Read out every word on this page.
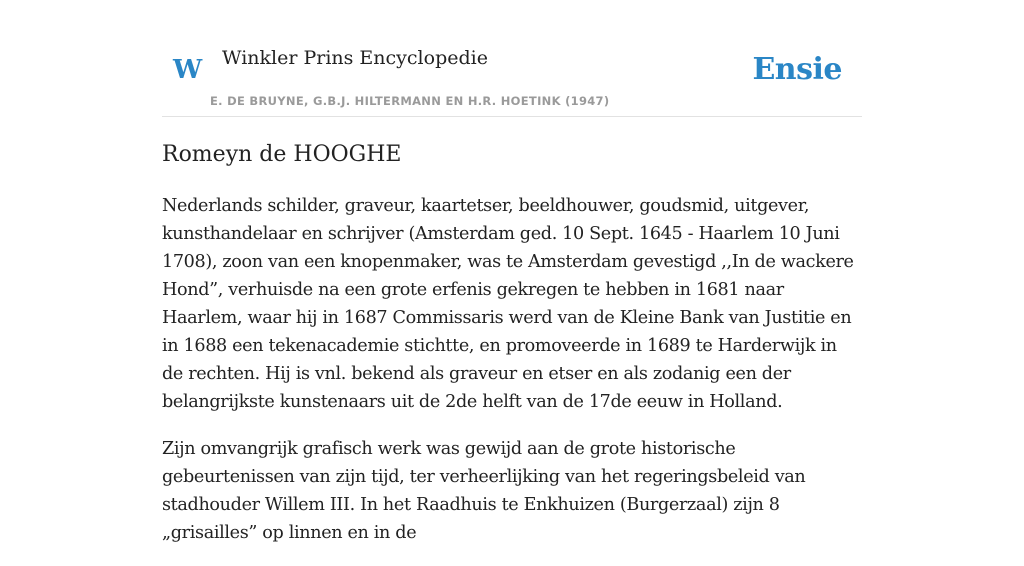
W Winkler Prins Encyclopedie
E. DE BRUYNE, G.B.J. HILTERMANN EN H.R. HOETINK (1947)
Ensie
Romeyn de HOOGHE

Nederlands schilder, graveur, kaartetser, beeldhouwer, goudsmid, uitgever, kunsthandelaar en schrijver (Amsterdam ged. 10 Sept. 1645 - Haarlem 10 Juni 1708), zoon van een knopenmaker, was te Amsterdam gevestigd ,,In de wackere Hond”, verhuisde na een grote erfenis gekregen te hebben in 1681 naar Haarlem, waar hij in 1687 Commissaris werd van de Kleine Bank van Justitie en in 1688 een tekenacademie stichtte, en promoveerde in 1689 te Harderwijk in de rechten. Hij is vnl. bekend als graveur en etser en als zodanig een der belangrijkste kunstenaars uit de 2de helft van de 17de eeuw in Holland.

Zijn omvangrijk grafisch werk was gewijd aan de grote historische gebeurtenissen van zijn tijd, ter verheerlijking van het regeringsbeleid van stadhouder Willem III. In het Raadhuis te Enkhuizen (Burgerzaal) zijn 8 „grisailles” op linnen en in de
